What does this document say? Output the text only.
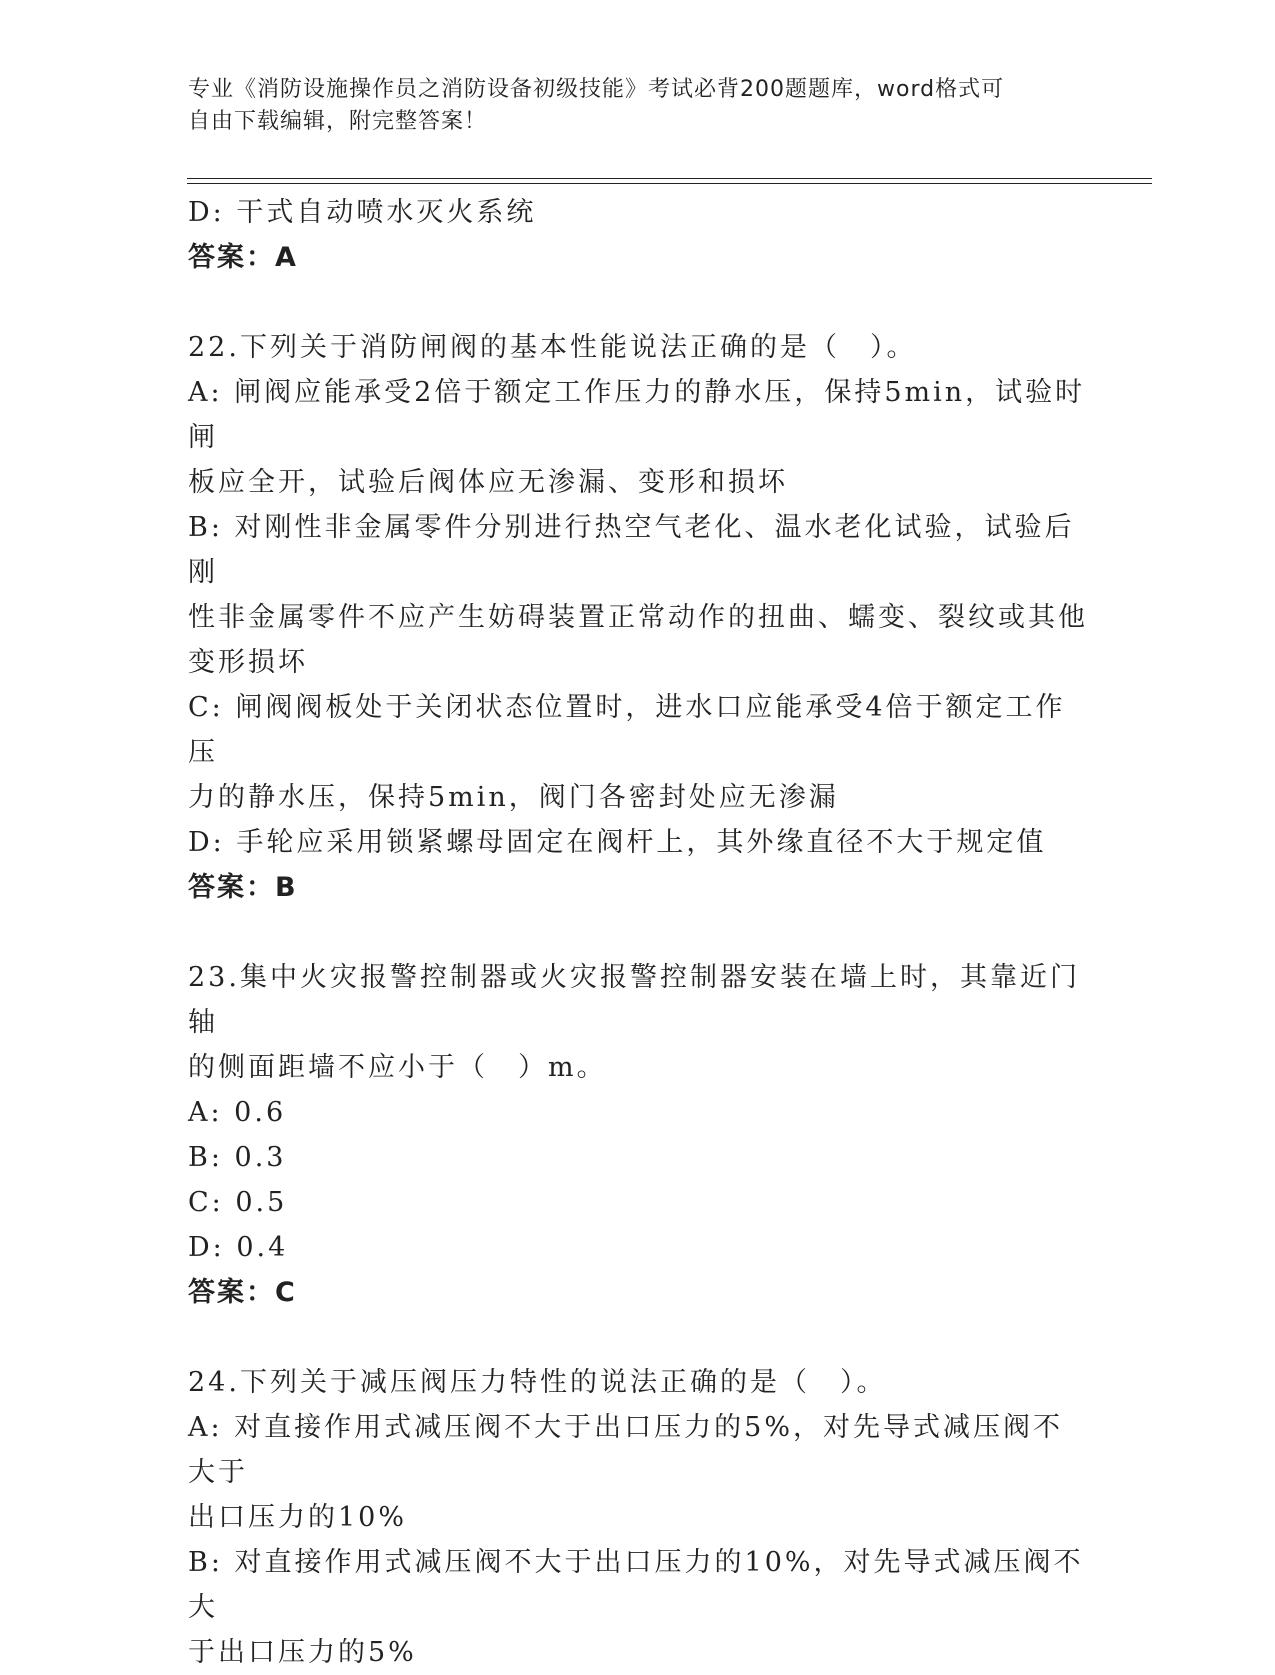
专业《消防设施操作员之消防设备初级技能》考试必背200题题库，word格式可
自由下载编辑，附完整答案！

D: 干式自动喷水灭火系统

答案：A

22.下列关于消防闸阀的基本性能说法正确的是（　）。

A: 闸阀应能承受2倍于额定工作压力的静水压，保持5min，试验时闸

板应全开，试验后阀体应无渗漏、变形和损坏

B: 对刚性非金属零件分别进行热空气老化、温水老化试验，试验后刚

性非金属零件不应产生妨碍装置正常动作的扭曲、蠕变、裂纹或其他

变形损坏

C: 闸阀阀板处于关闭状态位置时，进水口应能承受4倍于额定工作压

力的静水压，保持5min，阀门各密封处应无渗漏

D: 手轮应采用锁紧螺母固定在阀杆上，其外缘直径不大于规定值

答案：B

23.集中火灾报警控制器或火灾报警控制器安装在墙上时，其靠近门轴

的侧面距墙不应小于（　）m。

A: 0.6

B: 0.3

C: 0.5

D: 0.4

答案：C

24.下列关于减压阀压力特性的说法正确的是（　）。

A: 对直接作用式减压阀不大于出口压力的5%，对先导式减压阀不大于

出口压力的10%

B: 对直接作用式减压阀不大于出口压力的10%，对先导式减压阀不大

于出口压力的5%
